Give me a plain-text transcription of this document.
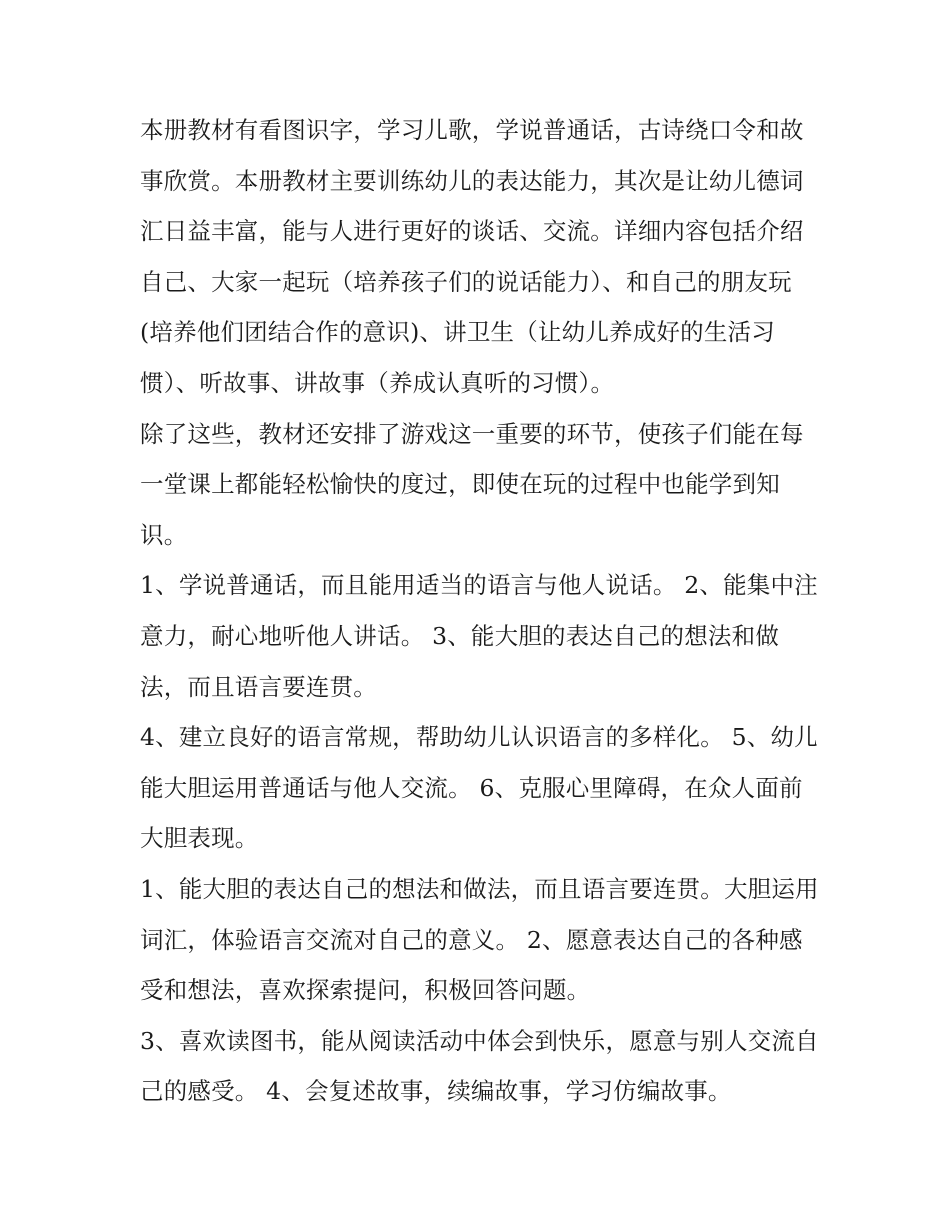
本册教材有看图识字，学习儿歌，学说普通话，古诗绕口令和故事欣赏。本册教材主要训练幼儿的表达能力，其次是让幼儿德词汇日益丰富，能与人进行更好的谈话、交流。详细内容包括介绍自己、大家一起玩（培养孩子们的说话能力）、和自己的朋友玩(培养他们团结合作的意识)、讲卫生（让幼儿养成好的生活习惯）、听故事、讲故事（养成认真听的习惯）。

除了这些，教材还安排了游戏这一重要的环节，使孩子们能在每一堂课上都能轻松愉快的度过，即使在玩的过程中也能学到知识。

1、学说普通话，而且能用适当的语言与他人说话。 2、能集中注意力，耐心地听他人讲话。 3、能大胆的表达自己的想法和做法，而且语言要连贯。

4、建立良好的语言常规，帮助幼儿认识语言的多样化。 5、幼儿能大胆运用普通话与他人交流。 6、克服心里障碍，在众人面前大胆表现。

1、能大胆的表达自己的想法和做法，而且语言要连贯。大胆运用词汇，体验语言交流对自己的意义。 2、愿意表达自己的各种感受和想法，喜欢探索提问，积极回答问题。

3、喜欢读图书，能从阅读活动中体会到快乐，愿意与别人交流自己的感受。 4、会复述故事，续编故事，学习仿编故事。
